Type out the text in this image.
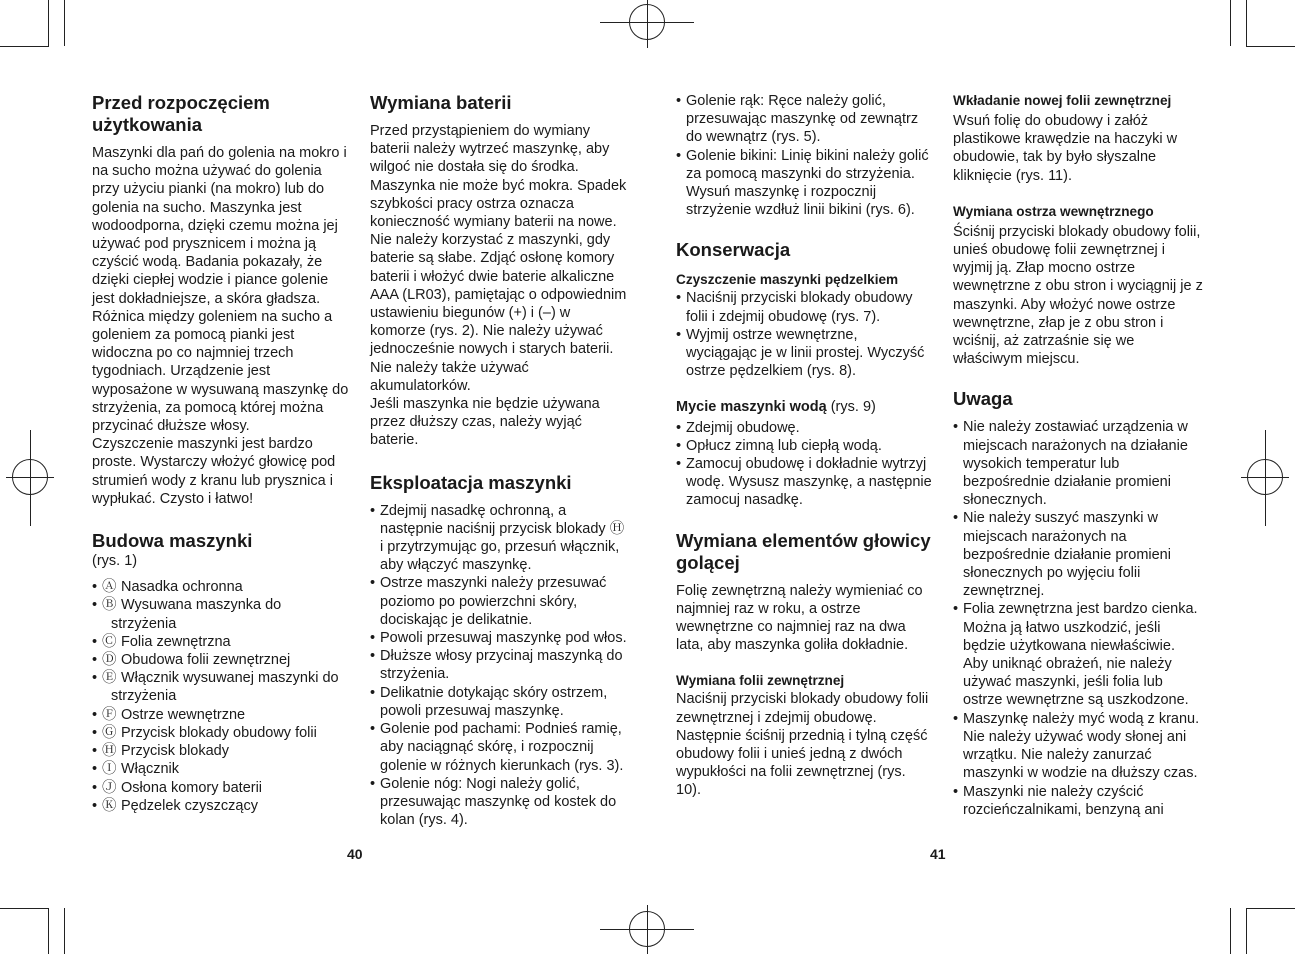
Przed rozpoczęciem użytkowania

Maszynki dla pań do golenia na mokro i na sucho można używać do golenia przy użyciu pianki (na mokro) lub do golenia na sucho. Maszynka jest wodoodporna, dzięki czemu można jej używać pod prysznicem i można ją czyścić wodą. Badania pokazały, że dzięki ciepłej wodzie i piance golenie jest dokładniejsze, a skóra gładsza. Różnica między goleniem na sucho a goleniem za pomocą pianki jest widoczna po co najmniej trzech tygodniach. Urządzenie jest wyposażone w wysuwaną maszynkę do strzyżenia, za pomocą której można przycinać dłuższe włosy.

Czyszczenie maszynki jest bardzo proste. Wystarczy włożyć głowicę pod strumień wody z kranu lub prysznica i wypłukać. Czysto i łatwo!

Budowa maszynki

(rys. 1)

• Ⓐ Nasadka ochronna
• Ⓑ Wysuwana maszynka do strzyżenia
• Ⓒ Folia zewnętrzna
• Ⓓ Obudowa folii zewnętrznej
• Ⓔ Włącznik wysuwanej maszynki do strzyżenia
• Ⓕ Ostrze wewnętrzne
• Ⓖ Przycisk blokady obudowy folii
• Ⓗ Przycisk blokady
• Ⓘ Włącznik
• Ⓙ Osłona komory baterii
• Ⓚ Pędzelek czyszczący
Wymiana baterii

Przed przystąpieniem do wymiany baterii należy wytrzeć maszynkę, aby wilgoć nie dostała się do środka. Maszynka nie może być mokra. Spadek szybkości pracy ostrza oznacza konieczność wymiany baterii na nowe. Nie należy korzystać z maszynki, gdy baterie są słabe. Zdjąć osłonę komory baterii i włożyć dwie baterie alkaliczne AAA (LR03), pamiętając o odpowiednim ustawieniu biegunów (+) i (–) w komorze (rys. 2). Nie należy używać jednocześnie nowych i starych baterii. Nie należy także używać akumulatorków.

Jeśli maszynka nie będzie używana przez dłuższy czas, należy wyjąć baterie.

Eksploatacja maszynki
• Zdejmij nasadkę ochronną, a następnie naciśnij przycisk blokady Ⓗ i przytrzymując go, przesuń włącznik, aby włączyć maszynkę.
• Ostrze maszynki należy przesuwać poziomo po powierzchni skóry, dociskając je delikatnie.
• Powoli przesuwaj maszynkę pod włos.
• Dłuższe włosy przycinaj maszynką do strzyżenia.
• Delikatnie dotykając skóry ostrzem, powoli przesuwaj maszynkę.
• Golenie pod pachami: Podnieś ramię, aby naciągnąć skórę, i rozpocznij golenie w różnych kierunkach (rys. 3).
• Golenie nóg: Nogi należy golić, przesuwając maszynkę od kostek do kolan (rys. 4).
40
• Golenie rąk: Ręce należy golić, przesuwając maszynkę od zewnątrz do wewnątrz (rys. 5).
• Golenie bikini: Linię bikini należy golić za pomocą maszynki do strzyżenia. Wysuń maszynkę i rozpocznij strzyżenie wzdłuż linii bikini (rys. 6).
Konserwacja
Czyszczenie maszynki pędzelkiem
• Naciśnij przyciski blokady obudowy folii i zdejmij obudowę (rys. 7).
• Wyjmij ostrze wewnętrzne, wyciągając je w linii prostej. Wyczyść ostrze pędzelkiem (rys. 8).

Mycie maszynki wodą (rys. 9)

• Zdejmij obudowę.
• Opłucz zimną lub ciepłą wodą.
• Zamocuj obudowę i dokładnie wytrzyj wodę. Wysusz maszynkę, a następnie zamocuj nasadkę.
Wymiana elementów głowicy golącej

Folię zewnętrzną należy wymieniać co najmniej raz w roku, a ostrze wewnętrzne co najmniej raz na dwa lata, aby maszynka goliła dokładnie.

Wymiana folii zewnętrznej

Naciśnij przyciski blokady obudowy folii zewnętrznej i zdejmij obudowę. Następnie ściśnij przednią i tylną część obudowy folii i unieś jedną z dwóch wypukłości na folii zewnętrznej (rys. 10).

Wkładanie nowej folii zewnętrznej

Wsuń folię do obudowy i załóż plastikowe krawędzie na haczyki w obudowie, tak by było słyszalne kliknięcie (rys. 11).

Wymiana ostrza wewnętrznego

Ściśnij przyciski blokady obudowy folii, unieś obudowę folii zewnętrznej i wyjmij ją. Złap mocno ostrze wewnętrzne z obu stron i wyciągnij je z maszynki. Aby włożyć nowe ostrze wewnętrzne, złap je z obu stron i wciśnij, aż zatrzaśnie się we właściwym miejscu.

Uwaga
• Nie należy zostawiać urządzenia w miejscach narażonych na działanie wysokich temperatur lub bezpośrednie działanie promieni słonecznych.
• Nie należy suszyć maszynki w miejscach narażonych na bezpośrednie działanie promieni słonecznych po wyjęciu folii zewnętrznej.
• Folia zewnętrzna jest bardzo cienka. Można ją łatwo uszkodzić, jeśli będzie użytkowana niewłaściwie. Aby uniknąć obrażeń, nie należy używać maszynki, jeśli folia lub ostrze wewnętrzne są uszkodzone.
• Maszynkę należy myć wodą z kranu. Nie należy używać wody słonej ani wrzątku. Nie należy zanurzać maszynki w wodzie na dłuższy czas.
• Maszynki nie należy czyścić rozcieńczalnikami, benzyną ani
41
